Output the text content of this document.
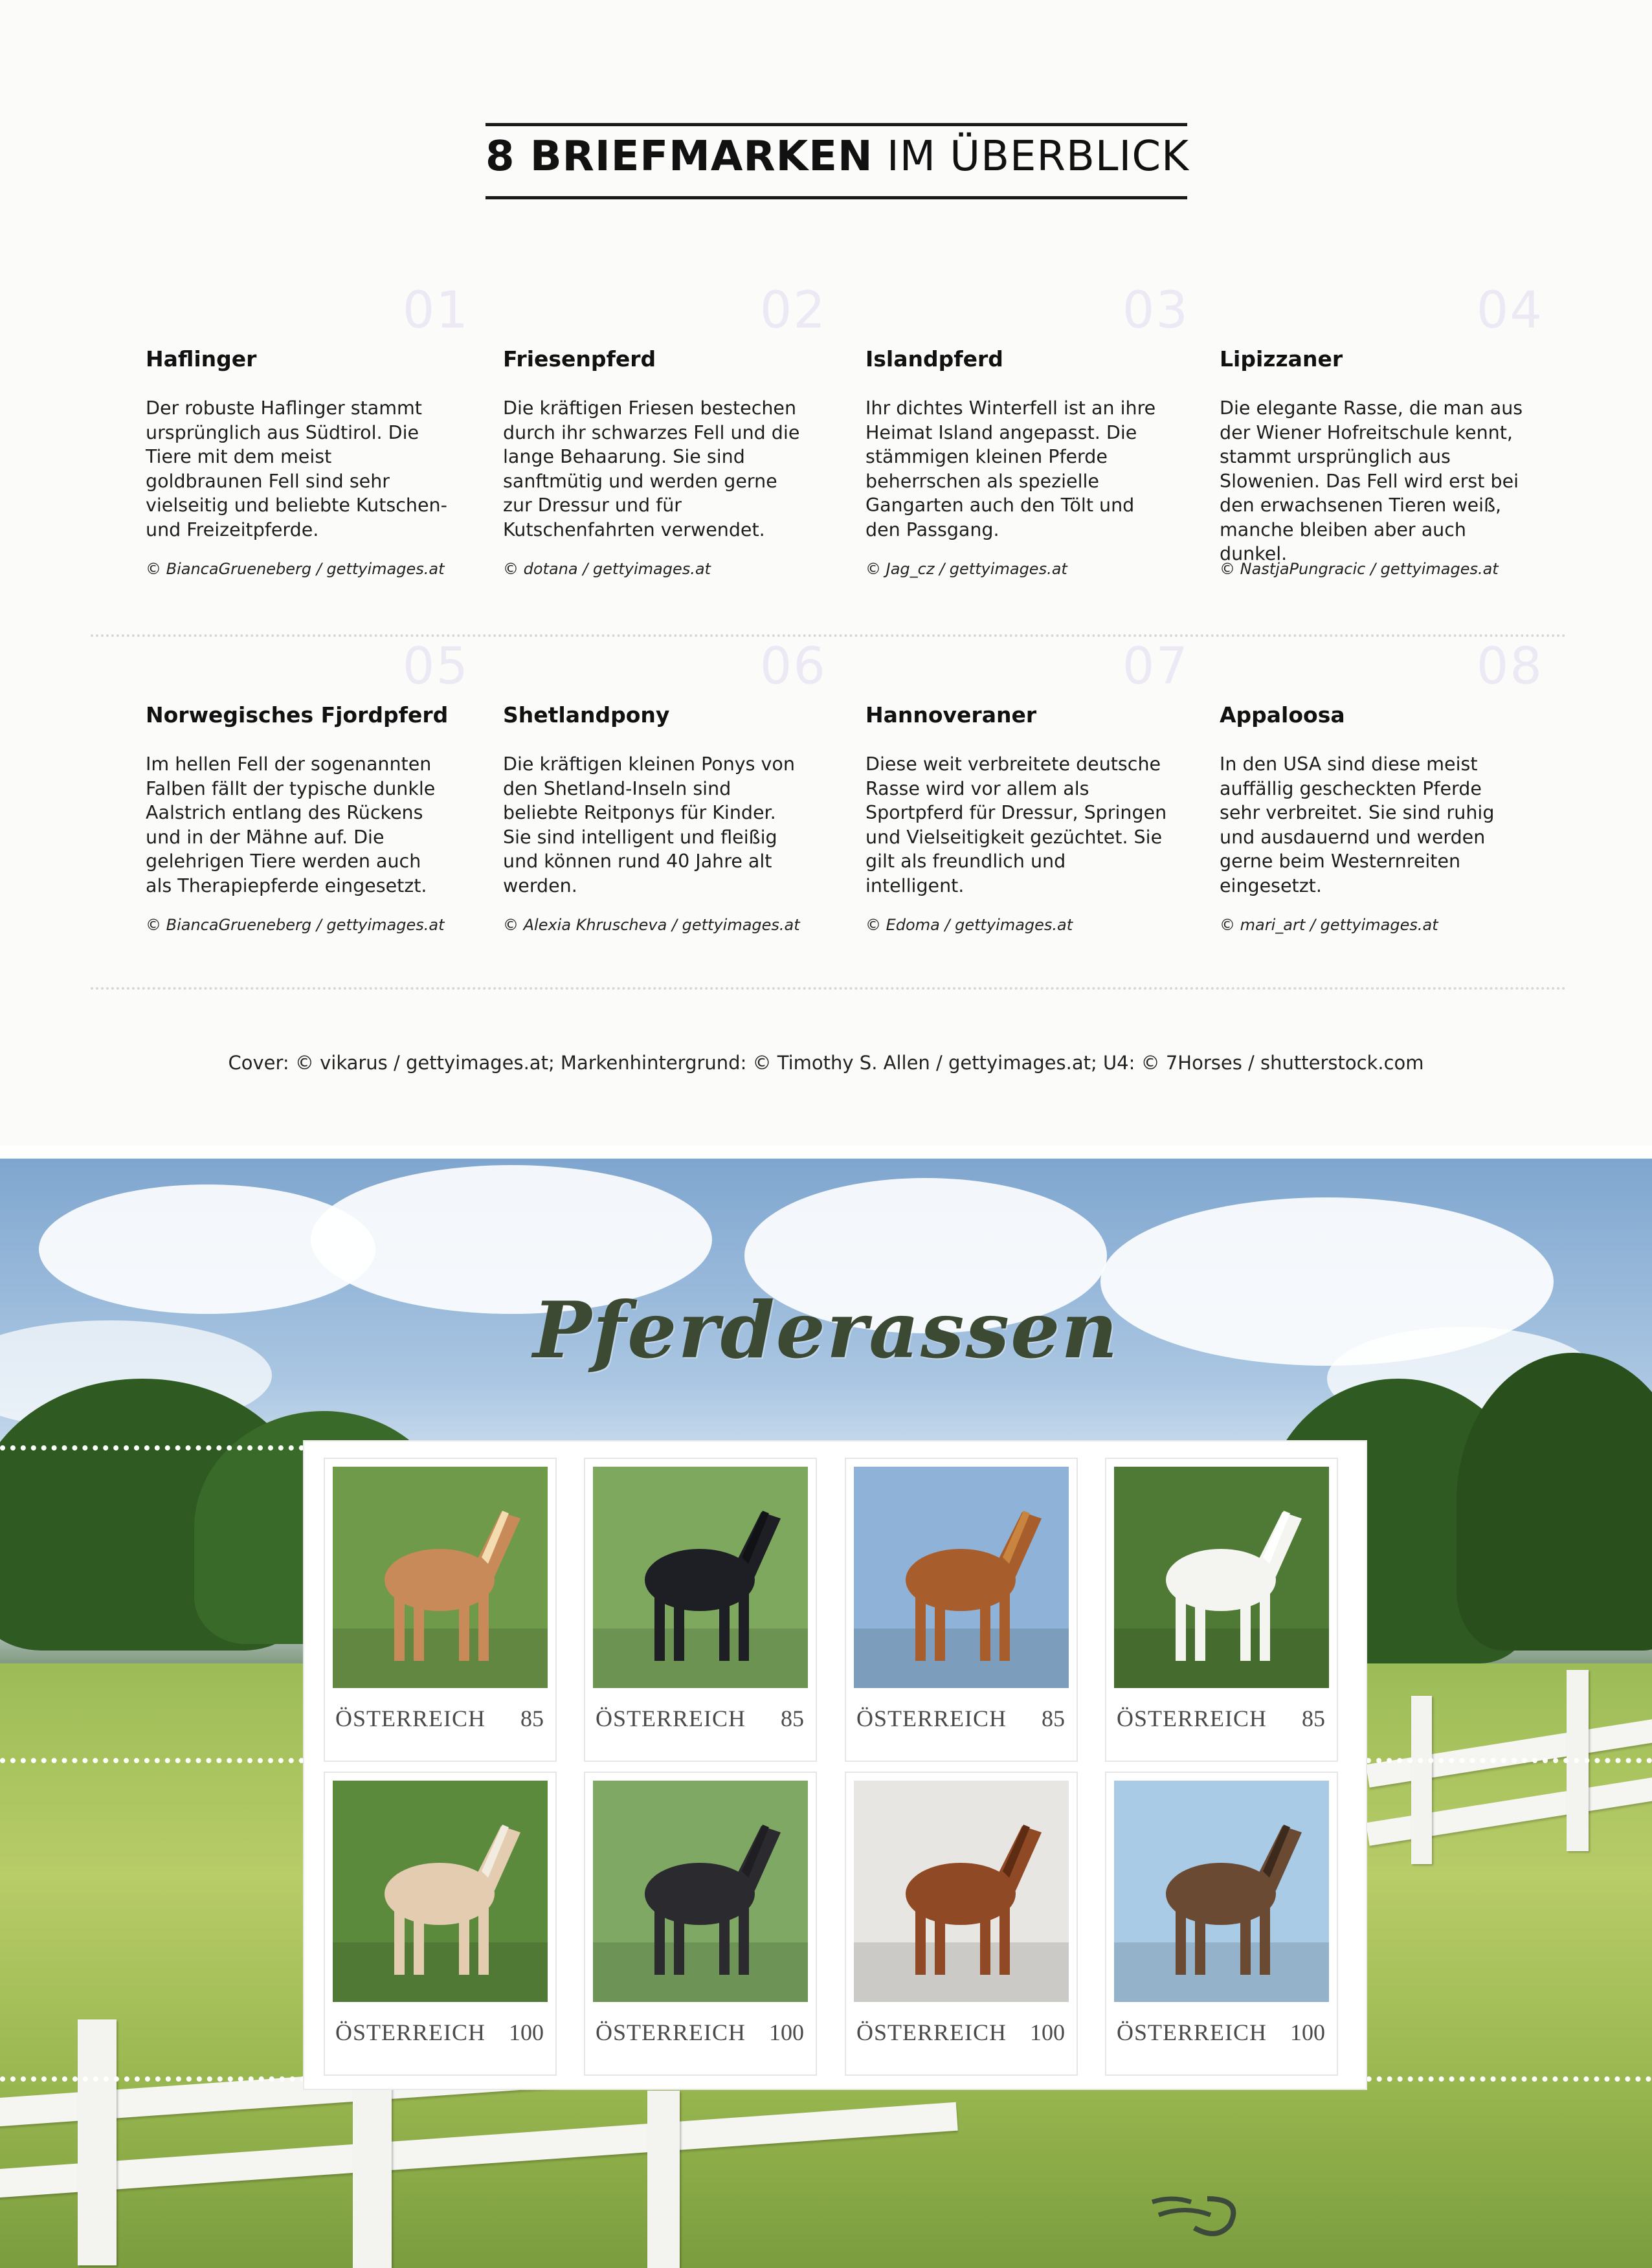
8 BRIEFMARKEN IM ÜBERBLICK
01
Haflinger
Der robuste Haflinger stammt ursprünglich aus Südtirol. Die Tiere mit dem meist goldbraunen Fell sind sehr vielseitig und beliebte Kutschen- und Freizeitpferde.
© BiancaGrueneberg / gettyimages.at
02
Friesenpferd
Die kräftigen Friesen bestechen durch ihr schwarzes Fell und die lange Behaarung. Sie sind sanftmütig und werden gerne zur Dressur und für Kutschenfahrten verwendet.
© dotana / gettyimages.at
03
Islandpferd
Ihr dichtes Winterfell ist an ihre Heimat Island angepasst. Die stämmigen kleinen Pferde beherrschen als spezielle Gangarten auch den Tölt und den Passgang.
© Jag_cz / gettyimages.at
04
Lipizzaner
Die elegante Rasse, die man aus der Wiener Hofreitschule kennt, stammt ursprünglich aus Slowenien. Das Fell wird erst bei den erwachsenen Tieren weiß, manche bleiben aber auch dunkel.
© NastjaPungracic / gettyimages.at
05
Norwegisches Fjordpferd
Im hellen Fell der sogenannten Falben fällt der typische dunkle Aalstrich entlang des Rückens und in der Mähne auf. Die gelehrigen Tiere werden auch als Therapiepferde eingesetzt.
© BiancaGrueneberg / gettyimages.at
06
Shetlandpony
Die kräftigen kleinen Ponys von den Shetland-Inseln sind beliebte Reitponys für Kinder. Sie sind intelligent und fleißig und können rund 40 Jahre alt werden.
© Alexia Khruscheva / gettyimages.at
07
Hannoveraner
Diese weit verbreitete deutsche Rasse wird vor allem als Sportpferd für Dressur, Springen und Vielseitigkeit gezüchtet. Sie gilt als freundlich und intelligent.
© Edoma / gettyimages.at
08
Appaloosa
In den USA sind diese meist auffällig gescheckten Pferde sehr verbreitet. Sie sind ruhig und ausdauernd und werden gerne beim Westernreiten eingesetzt.
© mari_art / gettyimages.at
Cover: © vikarus / gettyimages.at; Markenhintergrund: © Timothy S. Allen / gettyimages.at; U4: © 7Horses / shutterstock.com
Pferderassen
ÖSTERREICH 85 ÖSTERREICH 85 ÖSTERREICH 85 ÖSTERREICH 85
ÖSTERREICH 100 ÖSTERREICH 100 ÖSTERREICH 100 ÖSTERREICH 100
